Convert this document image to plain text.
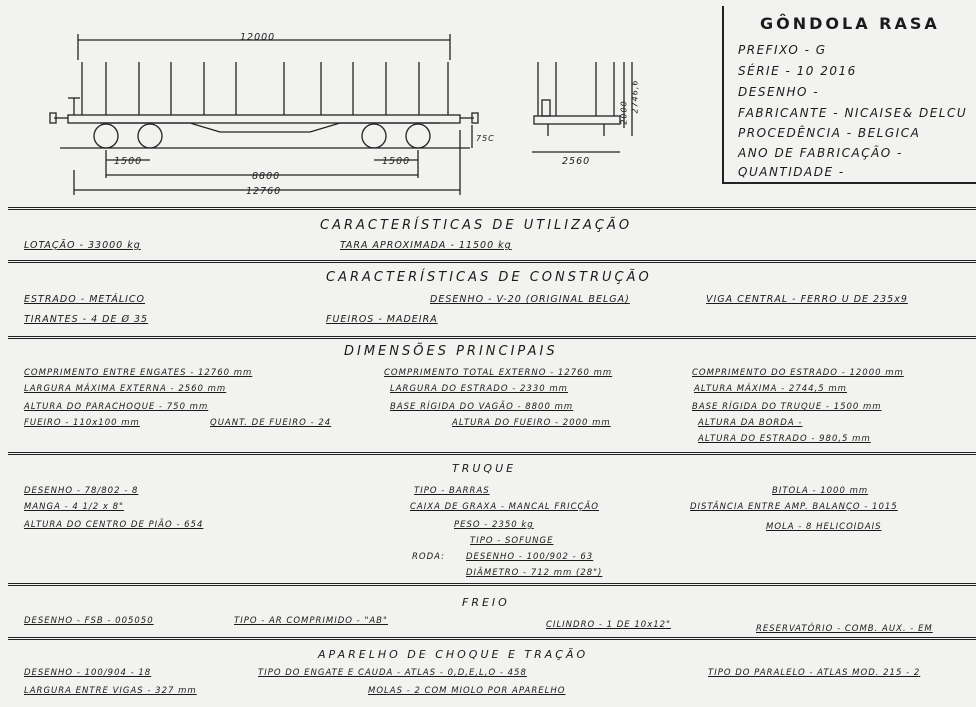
12000
1500
8800
1500
12760
75C
2560
2000 2746,6
GÔNDOLA RASA
PREFIXO - G
SÉRIE - 10 2016
DESENHO -
FABRICANTE - NICAISE& DELCU
PROCEDÊNCIA - BELGICA
ANO DE FABRICAÇÃO -
QUANTIDADE -
CARACTERÍSTICAS DE UTILIZAÇÃO
LOTAÇÃO - 33000 kg	TARA APROXIMADA - 11500 kg
CARACTERÍSTICAS DE CONSTRUÇÃO
ESTRADO - METÁLICO	DESENHO - V-20 (ORIGINAL BELGA)	VIGA CENTRAL - FERRO U DE 235x9
TIRANTES - 4 DE Ø 35	FUEIROS - MADEIRA
DIMENSÕES PRINCIPAIS
COMPRIMENTO ENTRE ENGATES - 12760 mm	COMPRIMENTO TOTAL EXTERNO - 12760 mm	COMPRIMENTO DO ESTRADO - 12000 mm
LARGURA MÁXIMA EXTERNA - 2560 mm	LARGURA DO ESTRADO - 2330 mm	ALTURA MÁXIMA - 2744,5 mm
ALTURA DO PARACHOQUE - 750 mm	BASE RÍGIDA DO VAGÃO - 8800 mm	BASE RÍGIDA DO TRUQUE - 1500 mm
FUEIRO - 110x100 mm	QUANT. DE FUEIRO - 24	ALTURA DO FUEIRO - 2000 mm	ALTURA DA BORDA -
ALTURA DO ESTRADO - 980,5 mm
TRUQUE
DESENHO - 78/802 - 8	TIPO - BARRAS	BITOLA - 1000 mm
MANGA - 4 1/2 x 8"	CAIXA DE GRAXA - MANCAL FRICÇÃO	DISTÂNCIA ENTRE AMP. BALANÇO - 1015
ALTURA DO CENTRO DE PIÃO - 654	PESO - 2350 kg	MOLA - 8 HELICOIDAIS
TIPO - SOFUNGE
RODA: DESENHO - 100/902 - 63
DIÂMETRO - 712 mm (28")
FREIO
DESENHO - FSB - 005050	TIPO - AR COMPRIMIDO - "AB"	CILINDRO - 1 DE 10x12"	RESERVATÓRIO - COMB. AUX. - EM
APARELHO DE CHOQUE E TRAÇÃO
DESENHO - 100/904 - 18	TIPO DO ENGATE E CAUDA - ATLAS - 0,D,E,L,O - 458	TIPO DO PARALELO - ATLAS MOD. 215 - 2
LARGURA ENTRE VIGAS - 327 mm	MOLAS - 2 COM MIOLO POR APARELHO
